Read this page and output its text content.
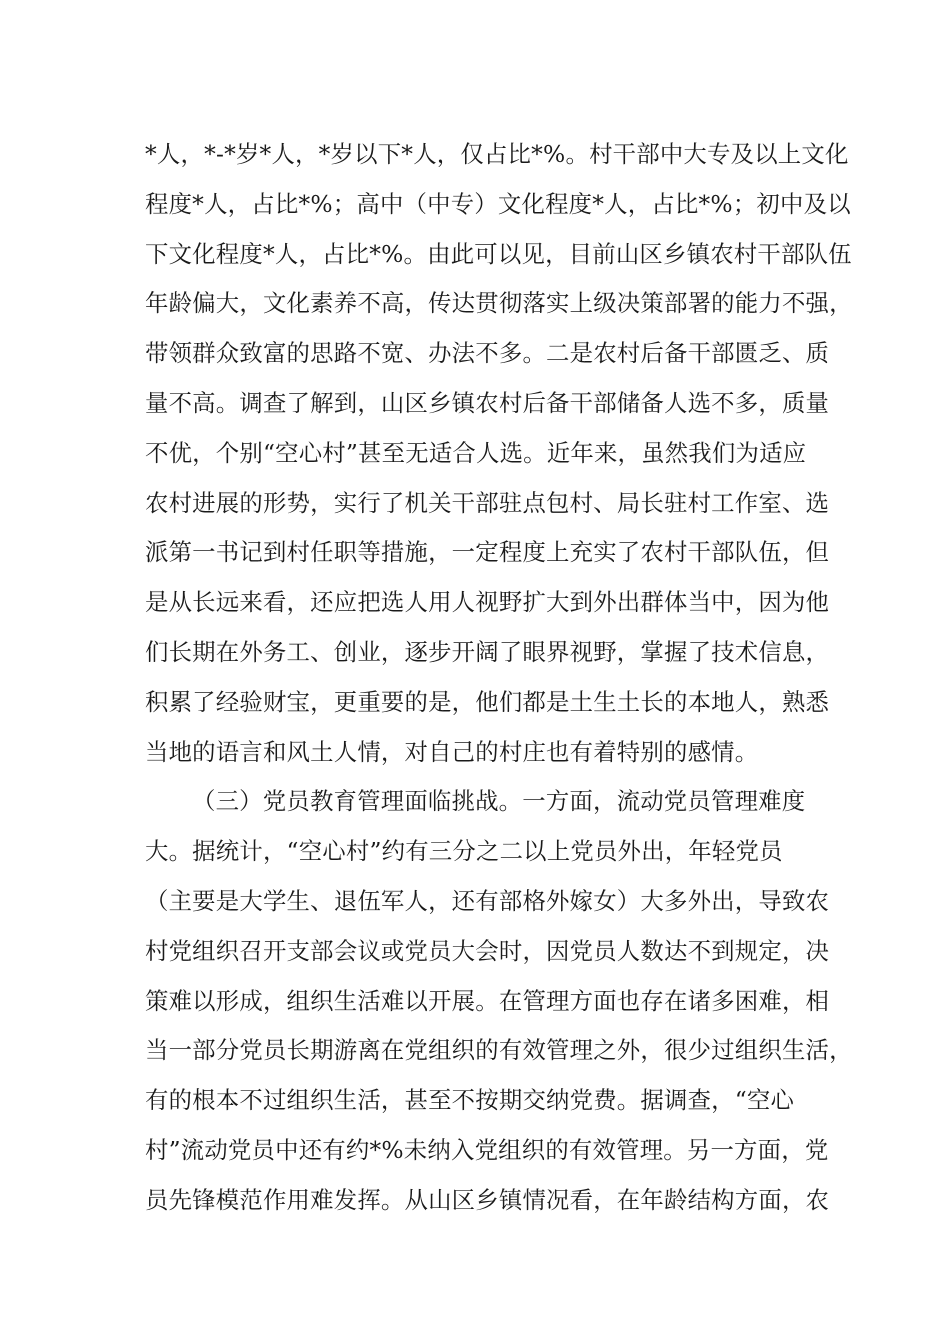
*人，*-*岁*人，*岁以下*人，仅占比*%。村干部中大专及以上文化
程度*人，占比*%；高中（中专）文化程度*人，占比*%；初中及以
下文化程度*人，占比*%。由此可以见，目前山区乡镇农村干部队伍
年龄偏大，文化素养不高，传达贯彻落实上级决策部署的能力不强，
带领群众致富的思路不宽、办法不多。二是农村后备干部匮乏、质
量不高。调查了解到，山区乡镇农村后备干部储备人选不多，质量
不优，个别“空心村”甚至无适合人选。近年来，虽然我们为适应
农村进展的形势，实行了机关干部驻点包村、局长驻村工作室、选
派第一书记到村任职等措施，一定程度上充实了农村干部队伍，但
是从长远来看，还应把选人用人视野扩大到外出群体当中，因为他
们长期在外务工、创业，逐步开阔了眼界视野，掌握了技术信息，
积累了经验财宝，更重要的是，他们都是土生土长的本地人，熟悉
当地的语言和风土人情，对自己的村庄也有着特别的感情。
（三）党员教育管理面临挑战。一方面，流动党员管理难度
大。据统计，“空心村”约有三分之二以上党员外出，年轻党员
（主要是大学生、退伍军人，还有部格外嫁女）大多外出，导致农
村党组织召开支部会议或党员大会时，因党员人数达不到规定，决
策难以形成，组织生活难以开展。在管理方面也存在诸多困难，相
当一部分党员长期游离在党组织的有效管理之外，很少过组织生活，
有的根本不过组织生活，甚至不按期交纳党费。据调查，“空心
村”流动党员中还有约*%未纳入党组织的有效管理。另一方面，党
员先锋模范作用难发挥。从山区乡镇情况看，在年龄结构方面，农
